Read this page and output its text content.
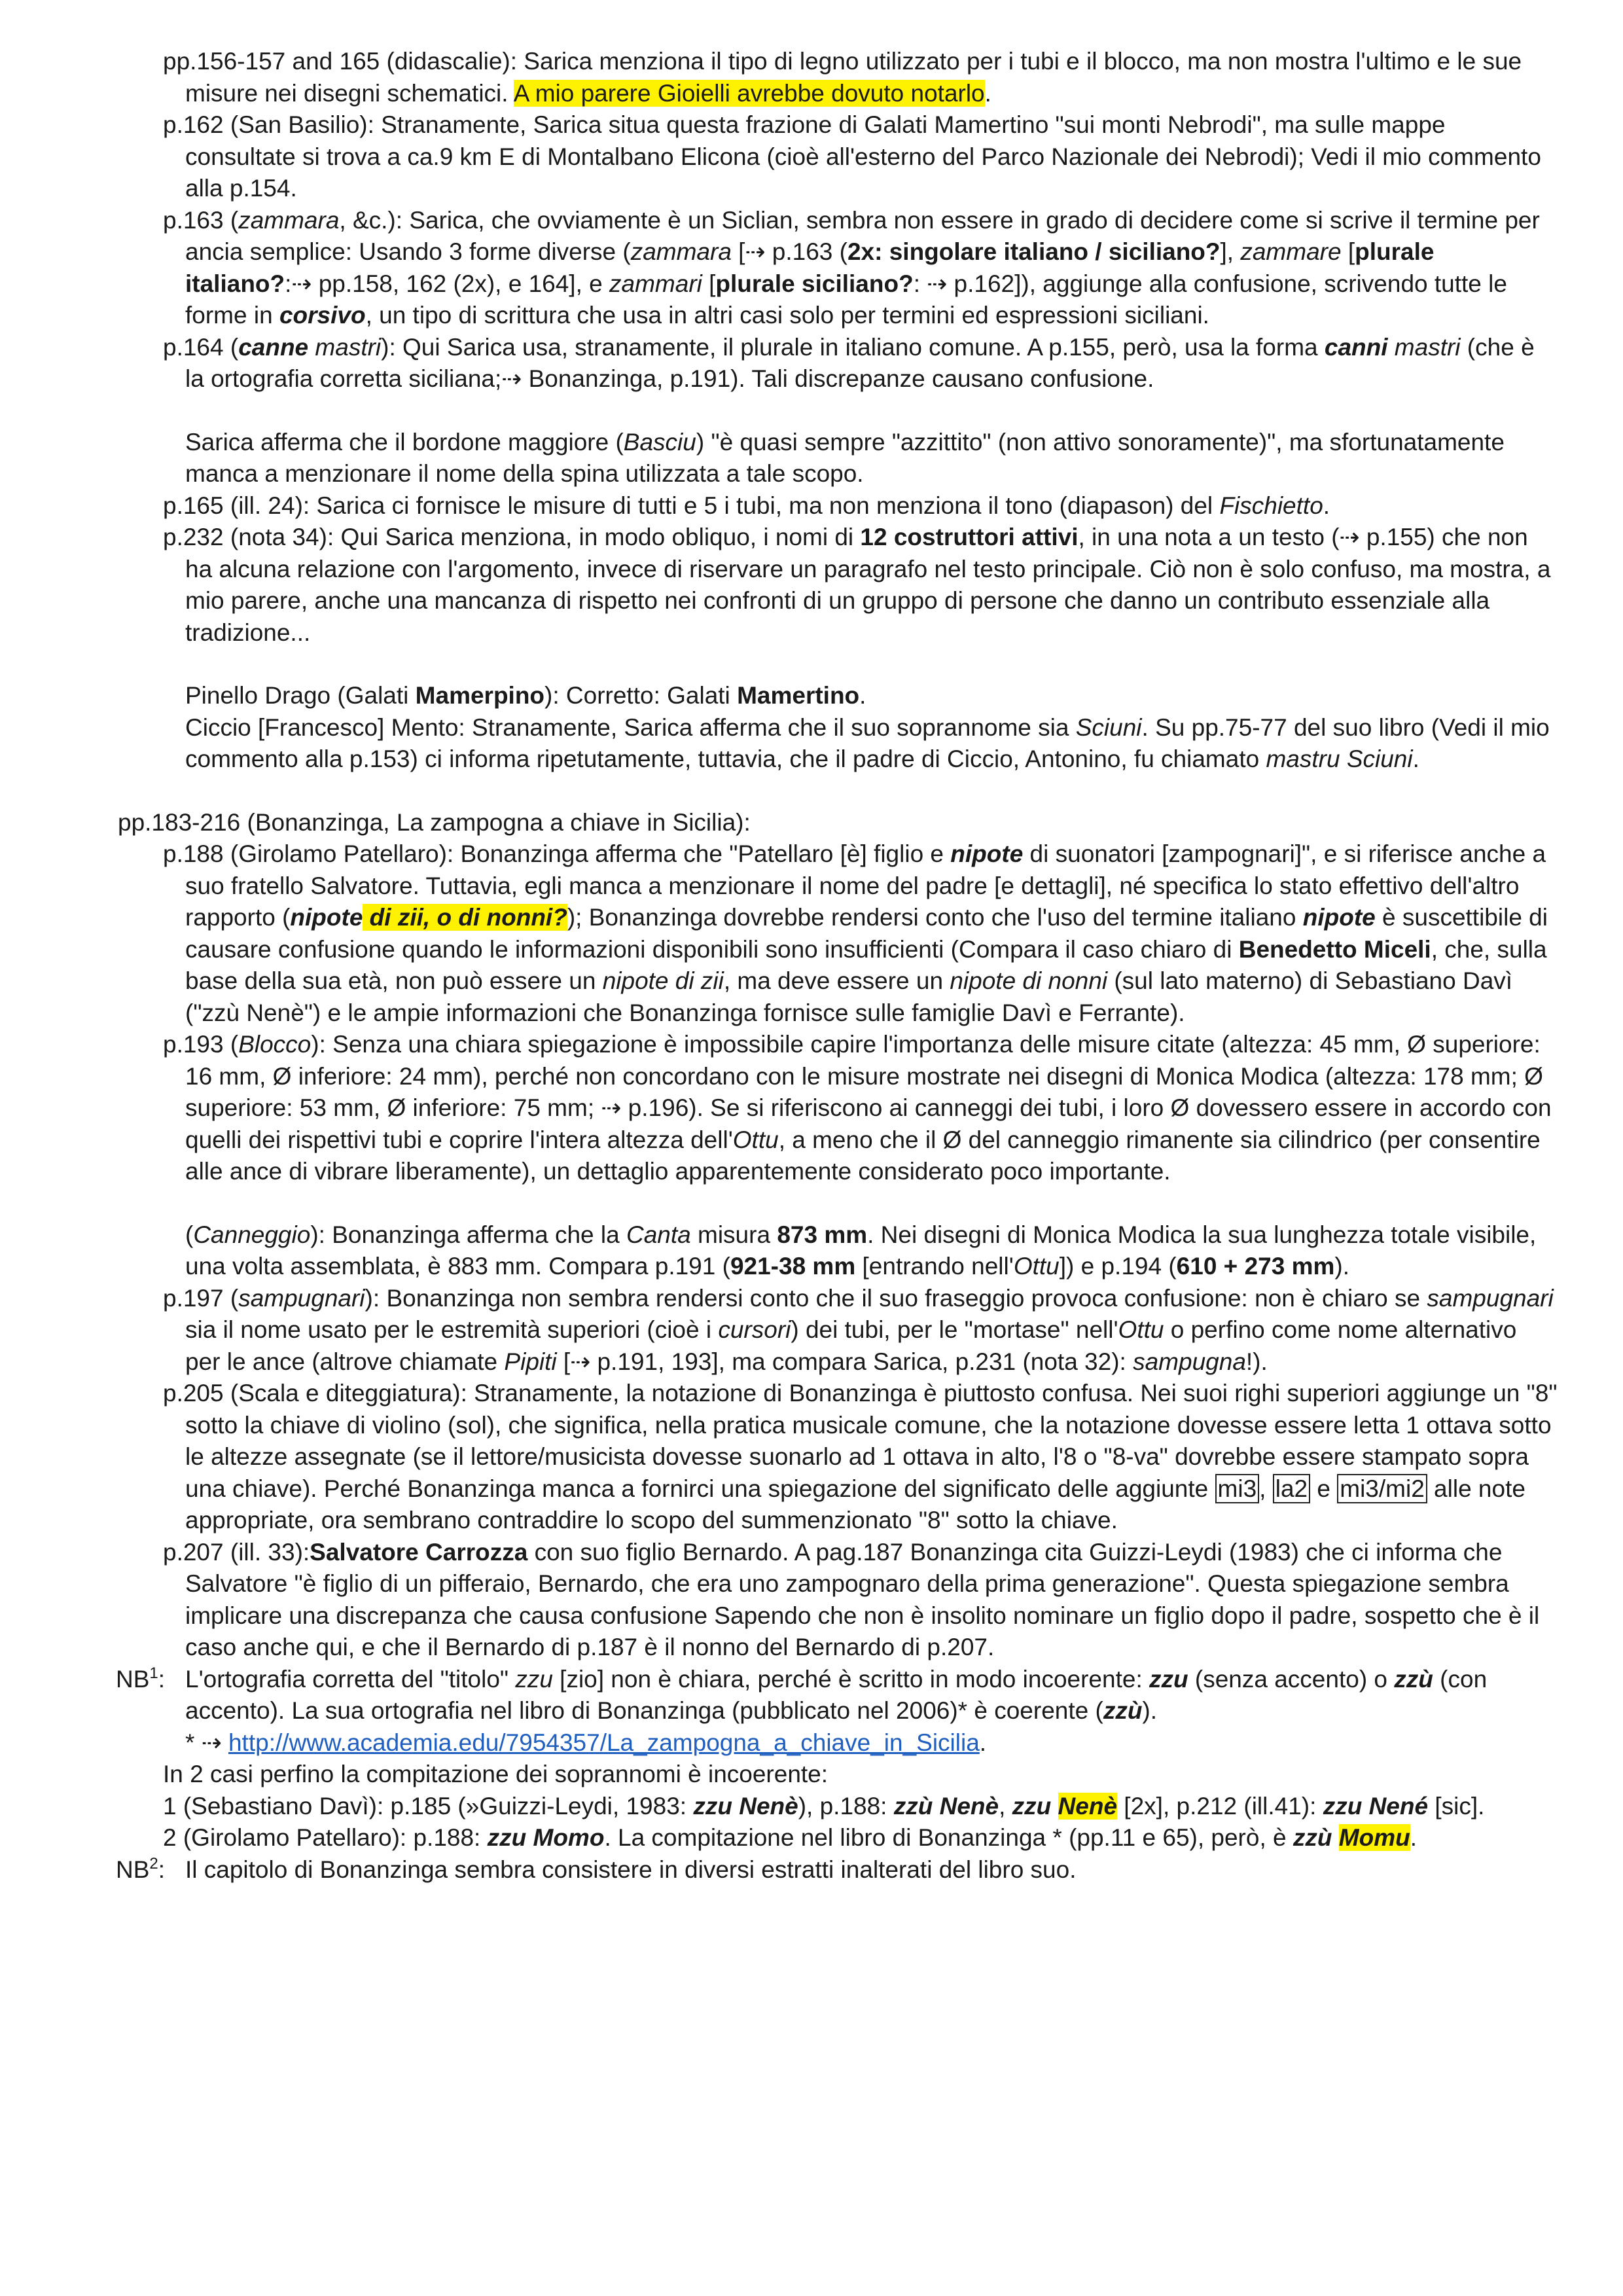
pp.156-157 and 165 (didascalie): Sarica menziona il tipo di legno utilizzato per i tubi e il blocco, ma non mostra l'ultimo e le sue misure nei disegni schematici. A mio parere Gioielli avrebbe dovuto notarlo.

p.162 (San Basilio): Stranamente, Sarica situa questa frazione di Galati Mamertino "sui monti Nebrodi", ma sulle mappe consultate si trova a ca.9 km E di Montalbano Elicona (cioè all'esterno del Parco Nazionale dei Nebrodi); Vedi il mio commento alla p.154.

p.163 (zammara, &c.): Sarica, che ovviamente è un Siclian, sembra non essere in grado di decidere come si scrive il termine per ancia semplice: Usando 3 forme diverse (zammara [⇢ p.163 (2x: singolare italiano / siciliano?], zammare [plurale italiano?:⇢ pp.158, 162 (2x), e 164], e zammari [plurale siciliano?: ⇢ p.162]), aggiunge alla confusione, scrivendo tutte le forme in corsivo, un tipo di scrittura che usa in altri casi solo per termini ed espressioni siciliani.

p.164 (canne mastri): Qui Sarica usa, stranamente, il plurale in italiano comune. A p.155, però, usa la forma canni mastri (che è la ortografia corretta siciliana;⇢ Bonanzinga, p.191). Tali discrepanze causano confusione.

Sarica afferma che il bordone maggiore (Basciu) "è quasi sempre "azzittito" (non attivo sonoramente)", ma sfortunatamente manca a menzionare il nome della spina utilizzata a tale scopo.

p.165 (ill. 24): Sarica ci fornisce le misure di tutti e 5 i tubi, ma non menziona il tono (diapason) del Fischietto.

p.232 (nota 34): Qui Sarica menziona, in modo obliquo, i nomi di 12 costruttori attivi, in una nota a un testo (⇢ p.155) che non ha alcuna relazione con l'argomento, invece di riservare un paragrafo nel testo principale. Ciò non è solo confuso, ma mostra, a mio parere, anche una mancanza di rispetto nei confronti di un gruppo di persone che danno un contributo essenziale alla tradizione...

Pinello Drago (Galati Mamerpino): Corretto: Galati Mamertino.

Ciccio [Francesco] Mento: Stranamente, Sarica afferma che il suo soprannome sia Sciuni. Su pp.75-77 del suo libro (Vedi il mio commento alla p.153) ci informa ripetutamente, tuttavia, che il padre di Ciccio, Antonino, fu chiamato mastru Sciuni.

pp.183-216 (Bonanzinga, La zampogna a chiave in Sicilia):

p.188 (Girolamo Patellaro): Bonanzinga afferma che "Patellaro [è] figlio e nipote di suonatori [zampognari]", e si riferisce anche a suo fratello Salvatore. Tuttavia, egli manca a menzionare il nome del padre [e dettagli], né specifica lo stato effettivo dell'altro rapporto (nipote di zii, o di nonni?); Bonanzinga dovrebbe rendersi conto che l'uso del termine italiano nipote è suscettibile di causare confusione quando le informazioni disponibili sono insufficienti (Compara il caso chiaro di Benedetto Miceli, che, sulla base della sua età, non può essere un nipote di zii, ma deve essere un nipote di nonni (sul lato materno) di Sebastiano Davì ("zzù Nenè") e le ampie informazioni che Bonanzinga fornisce sulle famiglie Davì e Ferrante).

p.193 (Blocco): Senza una chiara spiegazione è impossibile capire l'importanza delle misure citate (altezza: 45 mm, Ø superiore: 16 mm, Ø inferiore: 24 mm), perché non concordano con le misure mostrate nei disegni di Monica Modica (altezza: 178 mm; Ø superiore: 53 mm, Ø inferiore: 75 mm; ⇢ p.196). Se si riferiscono ai canneggi dei tubi, i loro Ø dovessero essere in accordo con quelli dei rispettivi tubi e coprire l'intera altezza dell'Ottu, a meno che il Ø del canneggio rimanente sia cilindrico (per consentire alle ance di vibrare liberamente), un dettaglio apparentemente considerato poco importante.

(Canneggio): Bonanzinga afferma che la Canta misura 873 mm. Nei disegni di Monica Modica la sua lunghezza totale visibile, una volta assemblata, è 883 mm. Compara p.191 (921-38 mm [entrando nell'Ottu]) e p.194 (610 + 273 mm).

p.197 (sampugnari): Bonanzinga non sembra rendersi conto che il suo fraseggio provoca confusione: non è chiaro se sampugnari sia il nome usato per le estremità superiori (cioè i cursori) dei tubi, per le "mortase" nell'Ottu o perfino come nome alternativo per le ance (altrove chiamate Pipiti [⇢ p.191, 193], ma compara Sarica, p.231 (nota 32): sampugna!).

p.205 (Scala e diteggiatura): Stranamente, la notazione di Bonanzinga è piuttosto confusa. Nei suoi righi superiori aggiunge un "8" sotto la chiave di violino (sol), che significa, nella pratica musicale comune, che la notazione dovesse essere letta 1 ottava sotto le altezze assegnate (se il lettore/musicista dovesse suonarlo ad 1 ottava in alto, l'8 o "8-va" dovrebbe essere stampato sopra una chiave). Perché Bonanzinga manca a fornirci una spiegazione del significato delle aggiunte mi3 , la2 e mi3/mi2 alle note appropriate, ora sembrano contraddire lo scopo del summenzionato "8" sotto la chiave.

p.207 (ill. 33):Salvatore Carrozza con suo figlio Bernardo. A pag.187 Bonanzinga cita Guizzi-Leydi (1983) che ci informa che Salvatore "è figlio di un pifferaio, Bernardo, che era uno zampognaro della prima generazione". Questa spiegazione sembra implicare una discrepanza che causa confusione Sapendo che non è insolito nominare un figlio dopo il padre, sospetto che è il caso anche qui, e che il Bernardo di p.187 è il nonno del Bernardo di p.207.

$NB^1$: L'ortografia corretta del "titolo" zzu [zio] non è chiara, perché è scritto in modo incoerente: zzu (senza accento) o zzù (con accento). La sua ortografia nel libro di Bonanzinga (pubblicato nel 2006)* è coerente (zzù).

* ⇢ http://www.academia.edu/7954357/La_zampogna_a_chiave_in_Sicilia.

In 2 casi perfino la compitazione dei soprannomi è incoerente:

1 (Sebastiano Davì): p.185 (»Guizzi-Leydi, 1983: zzu Nenè), p.188: zzù Nenè, zzu Nenè [2x], p.212 (ill.41): zzu Nené [sic].

2 (Girolamo Patellaro): p.188: zzu Momo. La compitazione nel libro di Bonanzinga * (pp.11 e 65), però, è zzù Momu.

$NB^2$: Il capitolo di Bonanzinga sembra consistere in diversi estratti inalterati del libro suo.
